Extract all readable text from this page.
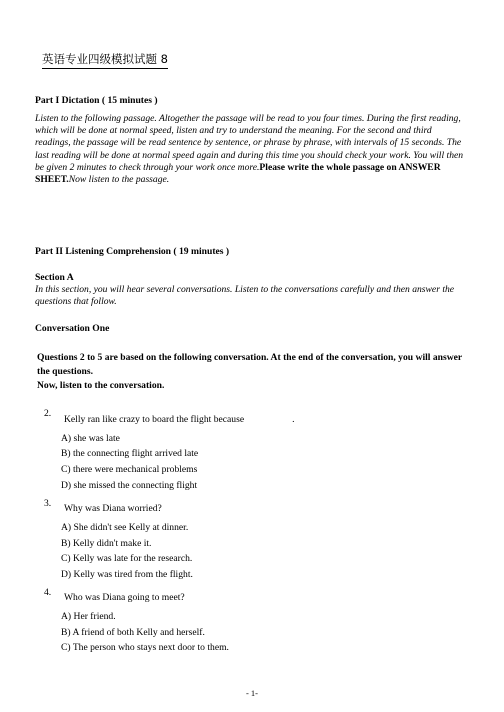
英语专业四级模拟试题 8
Part I Dictation ( 15 minutes )
Listen to the following passage. Altogether the passage will be read to you four times. During the first reading, which will be done at normal speed, listen and try to understand the meaning. For the second and third readings, the passage will be read sentence by sentence, or phrase by phrase, with intervals of 15 seconds. The last reading will be done at normal speed again and during this time you should check your work. You will then be given 2 minutes to check through your work once more.Please write the whole passage on ANSWER SHEET.Now listen to the passage.
Part II Listening Comprehension ( 19 minutes )
Section A
In this section, you will hear several conversations. Listen to the conversations carefully and then answer the questions that follow.
Conversation One
Questions 2 to 5 are based on the following conversation. At the end of the conversation, you will answer the questions.
Now, listen to the conversation.
2.
Kelly ran like crazy to board the flight because	.
A) she was late
B) the connecting flight arrived late
C) there were mechanical problems
D) she missed the connecting flight
3. Why was Diana worried?
A) She didn't see Kelly at dinner.
B) Kelly didn't make it.
C) Kelly was late for the research.
D) Kelly was tired from the flight.
4. Who was Diana going to meet?
A) Her friend.
B) A friend of both Kelly and herself.
C) The person who stays next door to them.
- 1-
